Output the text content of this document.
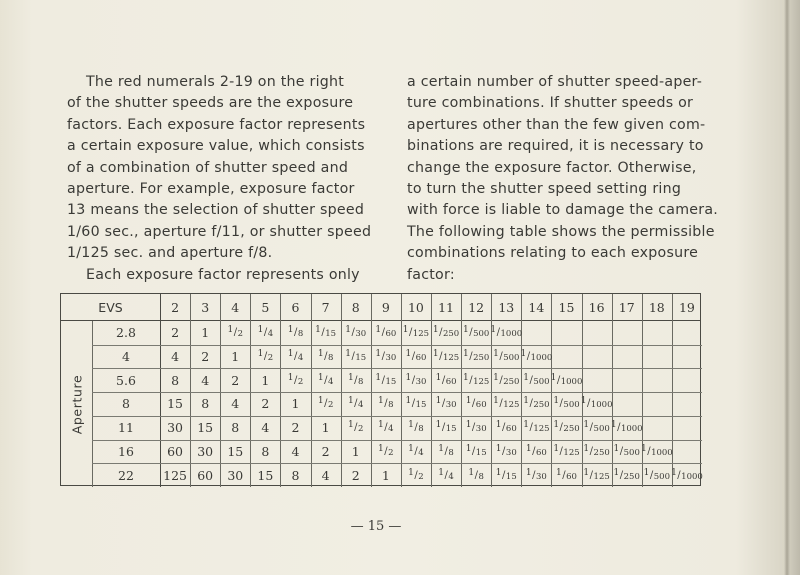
The red numerals 2-19 on the right
of the shutter speeds are the exposure
factors. Each exposure factor represents
a certain exposure value, which consists
of a combination of shutter speed and
aperture. For example, exposure factor
13 means the selection of shutter speed
1/60 sec., aperture f/11, or shutter speed
1/125 sec. and aperture f/8.
Each exposure factor represents only
a certain number of shutter speed-aper-
ture combinations. If shutter speeds or
apertures other than the few given com-
binations are required, it is necessary to
change the exposure factor. Otherwise,
to turn the shutter speed setting ring
with force is liable to damage the camera.
The following table shows the permissible
combinations relating to each exposure
factor:
Aperture
EVS	2	3	4	5	6	7	8	9	10	11	12	13	14	15	16	17	18	19
2.8	2	1	1/2 1/4 1/8 1/15 1/30 1/60 1/125 1/250 1/500 1/1000
4	4	2	1	1/2 1/4 1/8 1/15 1/30 1/60 1/125 1/250 1/500 1/1000
5.6	8	4	2	1	1/2 1/4 1/8 1/15 1/30 1/60 1/125 1/250 1/500 1/1000
8	15	8	4	2	1	1/2 1/4 1/8 1/15 1/30 1/60 1/125 1/250 1/500 1/1000
11	30	15	8	4	2	1	1/2 1/4 1/8 1/15 1/30 1/60 1/125 1/250 1/500 1/1000
16	60	30	15	8	4	2	1	1/2 1/4 1/8 1/15 1/30 1/60 1/125 1/250 1/500 1/1000
22	125 60	30	15	8	4	2	1	1/2 1/4 1/8 1/15 1/30 1/60 1/125 1/250 1/500 1/1000
— 15 —
